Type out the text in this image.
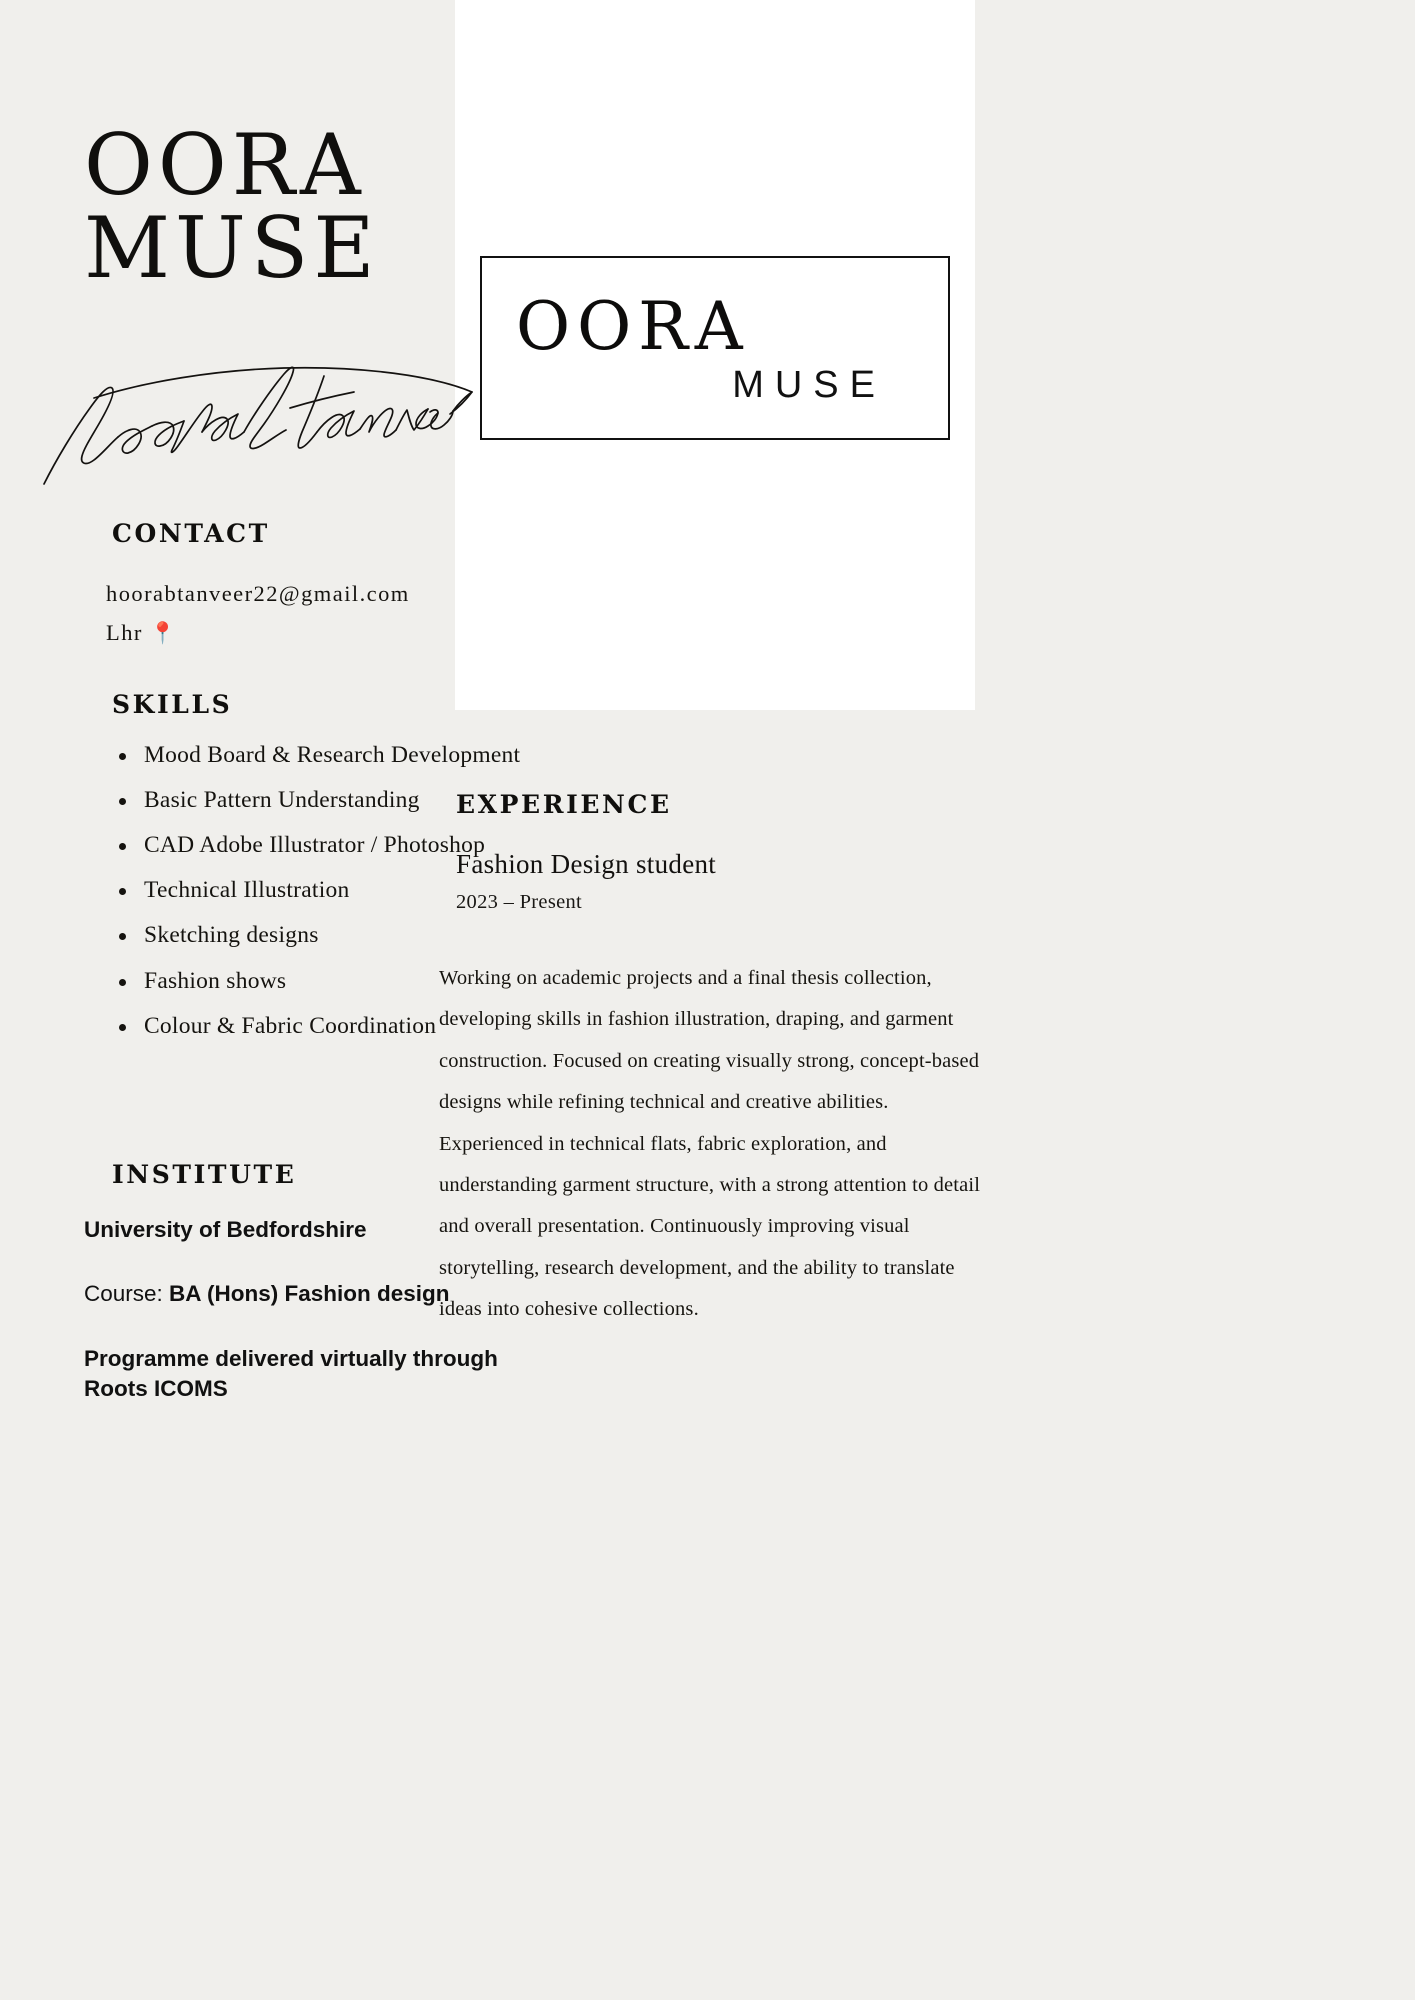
OORA
MUSE
OORA
MUSE
CONTACT
hoorabtanveer22@gmail.com
Lhr 📍
SKILLS
Mood Board & Research Development
Basic Pattern Understanding
CAD Adobe Illustrator / Photoshop
Technical Illustration
Sketching designs
Fashion shows
Colour & Fabric Coordination
INSTITUTE

University of Bedfordshire

Course: BA (Hons) Fashion design

Programme delivered virtually through Roots ICOMS

EXPERIENCE
Fashion Design student
2023 – Present
Working on academic projects and a final thesis collection, developing skills in fashion illustration, draping, and garment construction. Focused on creating visually strong, concept-based designs while refining technical and creative abilities. Experienced in technical flats, fabric exploration, and understanding garment structure, with a strong attention to detail and overall presentation. Continuously improving visual storytelling, research development, and the ability to translate ideas into cohesive collections.
